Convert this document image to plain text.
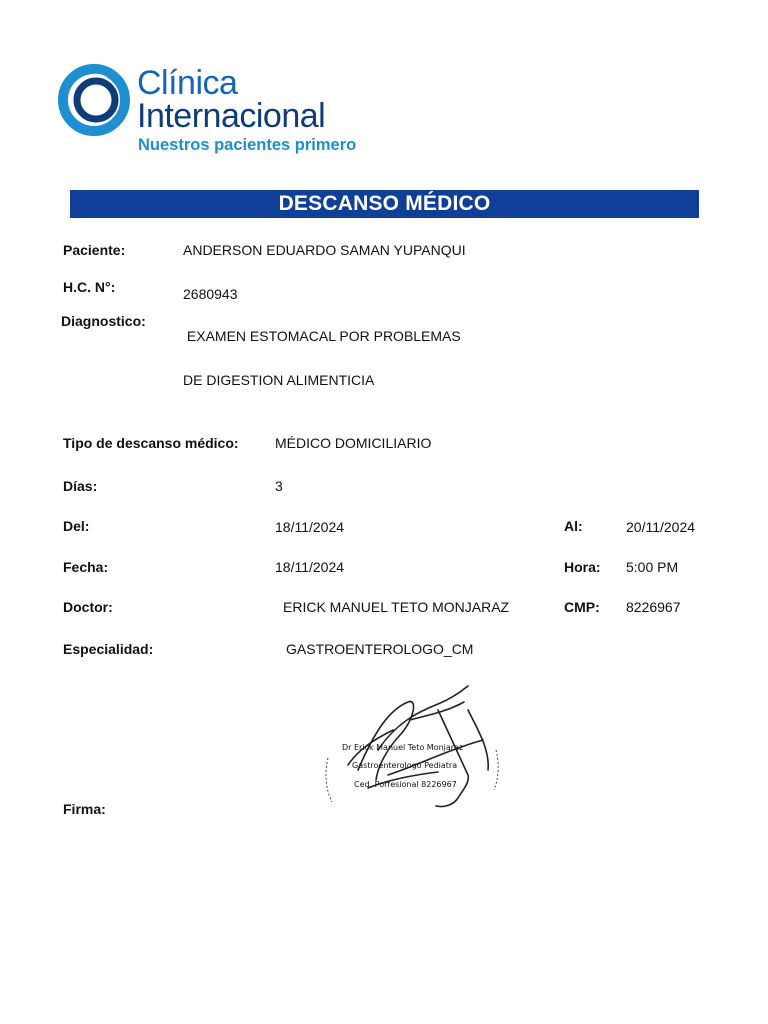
Clínica
Internacional
Nuestros pacientes primero
DESCANSO MÉDICO
Paciente:	ANDERSON EDUARDO SAMAN YUPANQUI
H.C. N°:	2680943
Diagnostico:
EXAMEN ESTOMACAL POR PROBLEMAS
DE DIGESTION ALIMENTICIA
Tipo de descanso médico:	MÉDICO DOMICILIARIO
Días:	3
Del:	18/11/2024	Al:	20/11/2024
Fecha:	18/11/2024	Hora: 5:00 PM
Doctor:	ERICK MANUEL TETO MONJARAZ	CMP: 8226967
Especialidad:	GASTROENTEROLOGO_CM
Dr Erick Manuel Teto Monjaraz
Gastroenterologo Pediatra
Ced. Porfesional 8226967
Firma:
